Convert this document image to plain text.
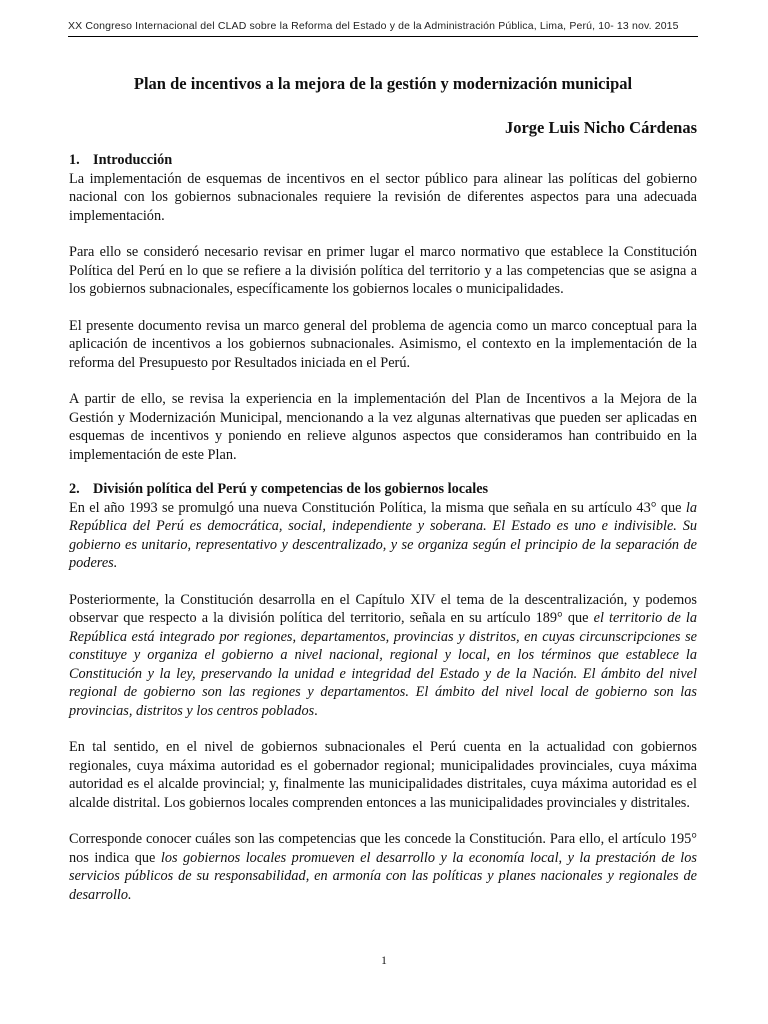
XX Congreso Internacional del CLAD sobre la Reforma del Estado y de la Administración Pública, Lima, Perú, 10- 13 nov. 2015
Plan de incentivos a la mejora de la gestión y modernización municipal
Jorge Luis Nicho Cárdenas
1. Introducción

La implementación de esquemas de incentivos en el sector público para alinear las políticas del gobierno nacional con los gobiernos subnacionales requiere la revisión de diferentes aspectos para una adecuada implementación.

Para ello se consideró necesario revisar en primer lugar el marco normativo que establece la Constitución Política del Perú en lo que se refiere a la división política del territorio y a las competencias que se asigna a los gobiernos subnacionales, específicamente los gobiernos locales o municipalidades.

El presente documento revisa un marco general del problema de agencia como un marco conceptual para la aplicación de incentivos a los gobiernos subnacionales. Asimismo, el contexto en la implementación de la reforma del Presupuesto por Resultados iniciada en el Perú.

A partir de ello, se revisa la experiencia en la implementación del Plan de Incentivos a la Mejora de la Gestión y Modernización Municipal, mencionando a la vez algunas alternativas que pueden ser aplicadas en esquemas de incentivos y poniendo en relieve algunos aspectos que consideramos han contribuido en la implementación de este Plan.

2. División política del Perú y competencias de los gobiernos locales

En el año 1993 se promulgó una nueva Constitución Política, la misma que señala en su artículo 43° que la República del Perú es democrática, social, independiente y soberana. El Estado es uno e indivisible. Su gobierno es unitario, representativo y descentralizado, y se organiza según el principio de la separación de poderes.

Posteriormente, la Constitución desarrolla en el Capítulo XIV el tema de la descentralización, y podemos observar que respecto a la división política del territorio, señala en su artículo 189° que el territorio de la República está integrado por regiones, departamentos, provincias y distritos, en cuyas circunscripciones se constituye y organiza el gobierno a nivel nacional, regional y local, en los términos que establece la Constitución y la ley, preservando la unidad e integridad del Estado y de la Nación. El ámbito del nivel regional de gobierno son las regiones y departamentos. El ámbito del nivel local de gobierno son las provincias, distritos y los centros poblados.

En tal sentido, en el nivel de gobiernos subnacionales el Perú cuenta en la actualidad con gobiernos regionales, cuya máxima autoridad es el gobernador regional; municipalidades provinciales, cuya máxima autoridad es el alcalde provincial; y, finalmente las municipalidades distritales, cuya máxima autoridad es el alcalde distrital. Los gobiernos locales comprenden entonces a las municipalidades provinciales y distritales.

Corresponde conocer cuáles son las competencias que les concede la Constitución. Para ello, el artículo 195° nos indica que los gobiernos locales promueven el desarrollo y la economía local, y la prestación de los servicios públicos de su responsabilidad, en armonía con las políticas y planes nacionales y regionales de desarrollo.

1
